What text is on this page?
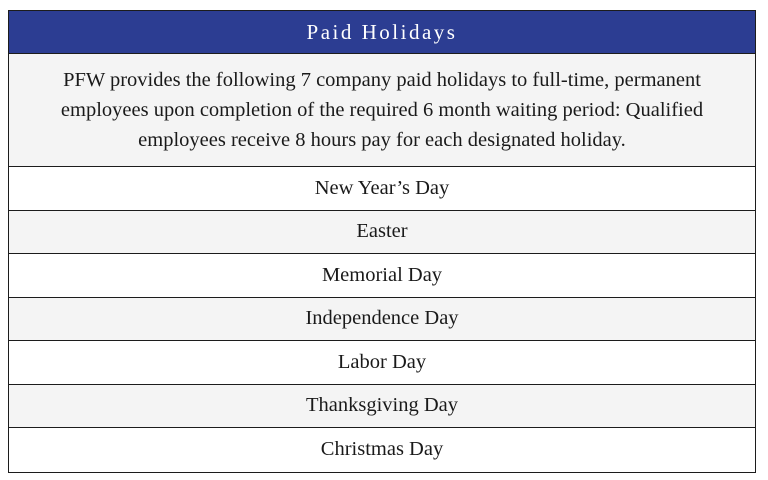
Paid Holidays
PFW provides the following 7 company paid holidays to full-time, permanent employees upon completion of the required 6 month waiting period: Qualified employees receive 8 hours pay for each designated holiday.
New Year’s Day
Easter
Memorial Day
Independence Day
Labor Day
Thanksgiving Day
Christmas Day
